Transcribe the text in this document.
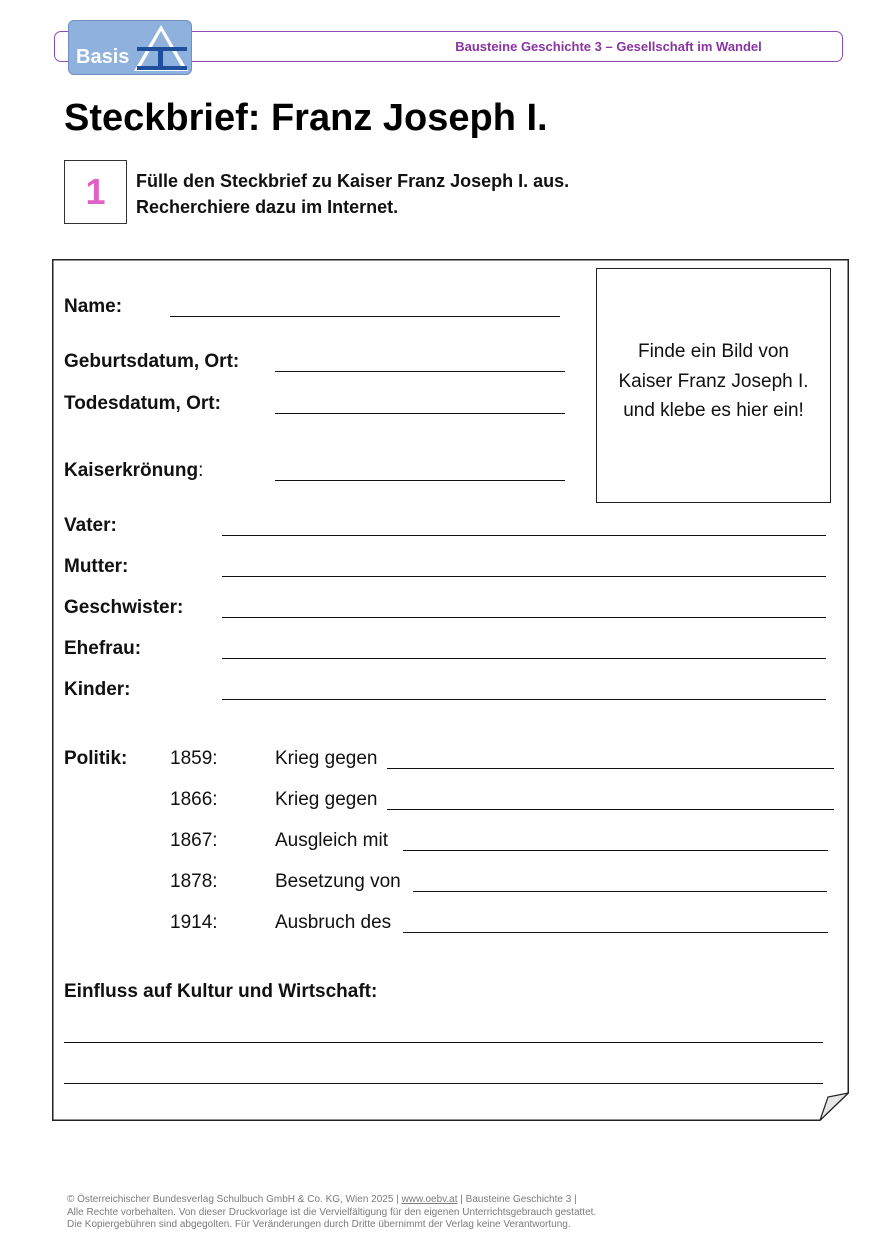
Bausteine Geschichte 3 – Gesellschaft im Wandel
Basis
Steckbrief: Franz Joseph I.
1	Fülle den Steckbrief zu Kaiser Franz Joseph I. aus.
Recherchiere dazu im Internet.
Finde ein Bild von
Kaiser Franz Joseph I.
und klebe es hier ein!
Name:
Geburtsdatum, Ort:
Todesdatum, Ort:
Kaiserkrönung:
Vater:
Mutter:
Geschwister:
Ehefrau:
Kinder:
Politik: 1859:	Krieg gegen
1866:	Krieg gegen
1867:	Ausgleich mit
1878:	Besetzung von
1914:	Ausbruch des
Einfluss auf Kultur und Wirtschaft:
© Österreichischer Bundesverlag Schulbuch GmbH & Co. KG, Wien 2025 | www.oebv.at | Bausteine Geschichte 3 |
Alle Rechte vorbehalten. Von dieser Druckvorlage ist die Vervielfältigung für den eigenen Unterrichtsgebrauch gestattet.
Die Kopiergebühren sind abgegolten. Für Veränderungen durch Dritte übernimmt der Verlag keine Verantwortung.
